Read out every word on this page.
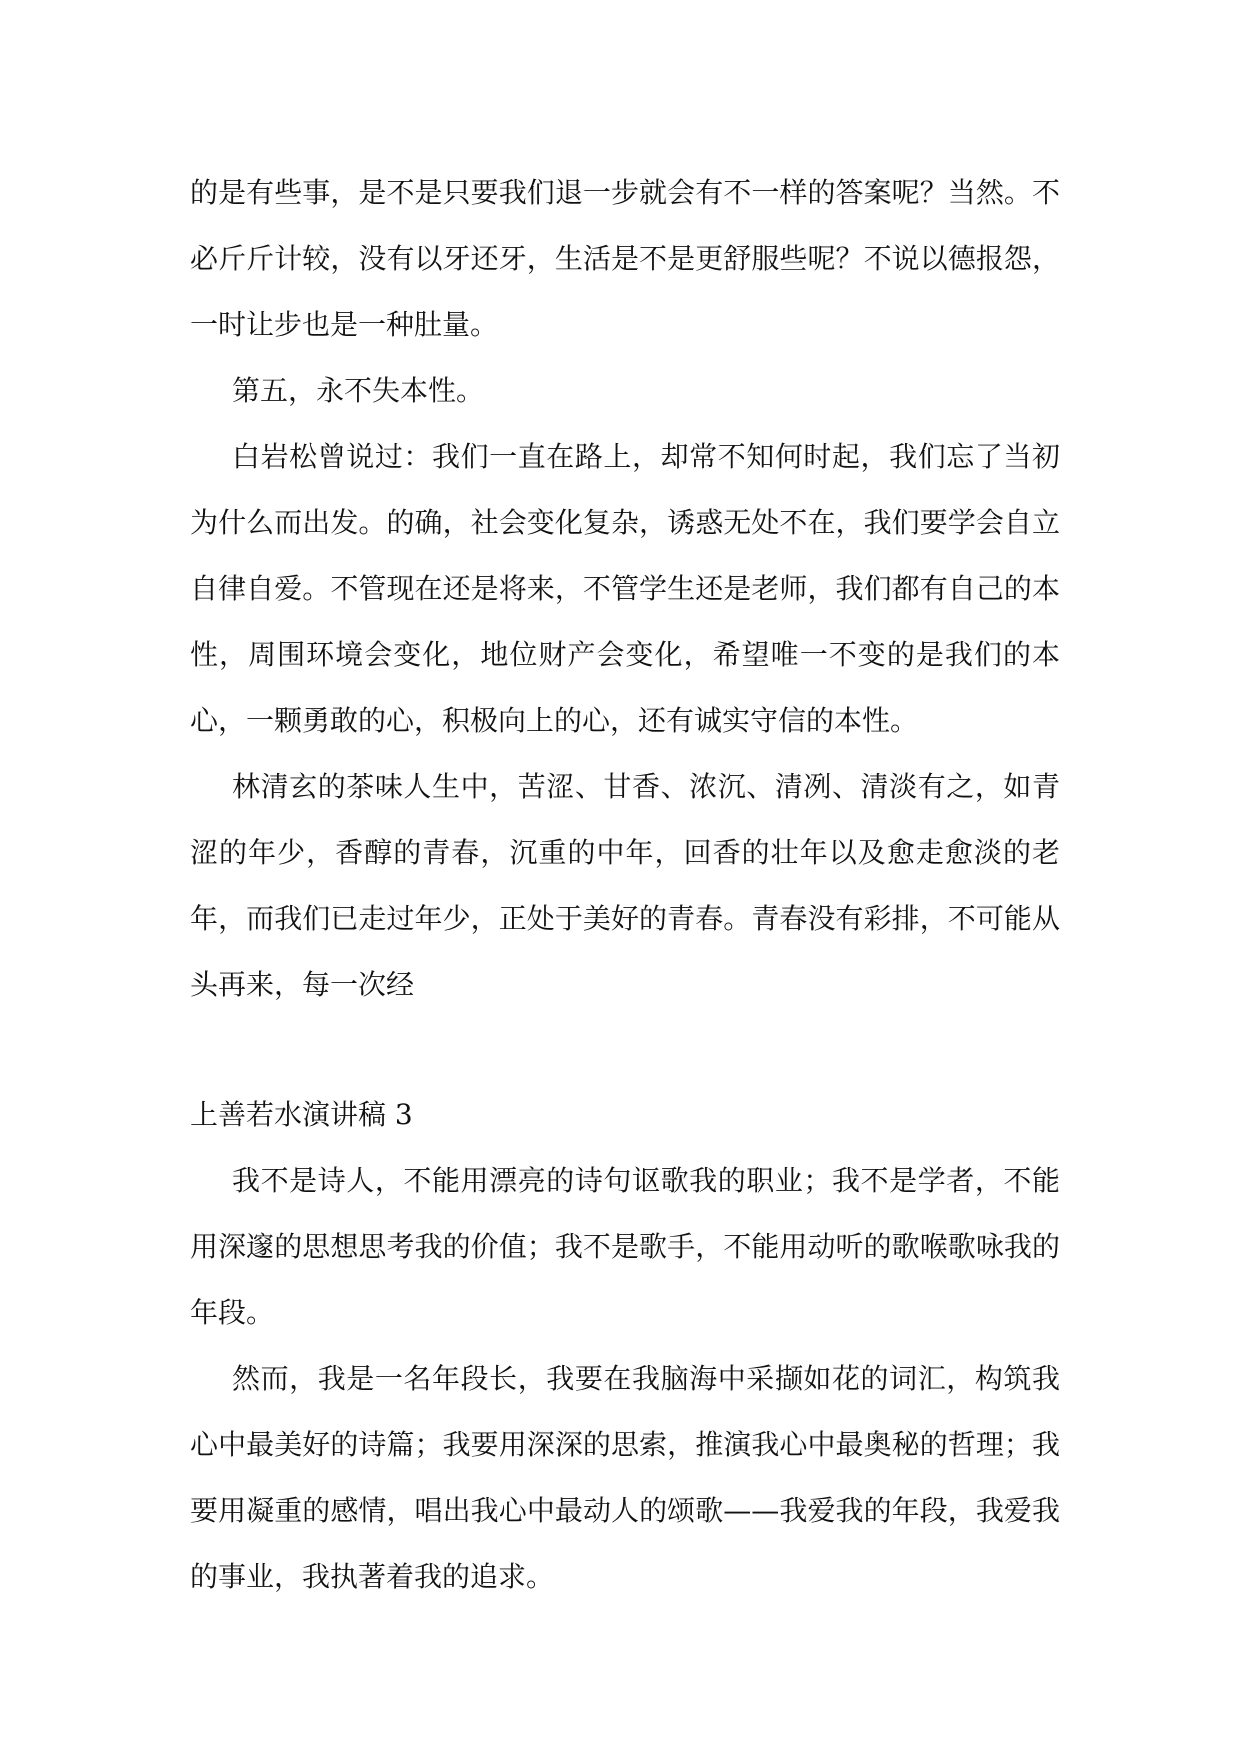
的是有些事，是不是只要我们退一步就会有不一样的答案呢？当然。不必斤斤计较，没有以牙还牙，生活是不是更舒服些呢？不说以德报怨，一时让步也是一种肚量。

第五，永不失本性。

白岩松曾说过：我们一直在路上，却常不知何时起，我们忘了当初为什么而出发。的确，社会变化复杂，诱惑无处不在，我们要学会自立自律自爱。不管现在还是将来，不管学生还是老师，我们都有自己的本性，周围环境会变化，地位财产会变化，希望唯一不变的是我们的本心，一颗勇敢的心，积极向上的心，还有诚实守信的本性。

林清玄的茶味人生中，苦涩、甘香、浓沉、清冽、清淡有之，如青涩的年少，香醇的青春，沉重的中年，回香的壮年以及愈走愈淡的老年，而我们已走过年少，正处于美好的青春。青春没有彩排，不可能从头再来，每一次经

上善若水演讲稿 3

我不是诗人，不能用漂亮的诗句讴歌我的职业；我不是学者，不能用深邃的思想思考我的价值；我不是歌手，不能用动听的歌喉歌咏我的年段。

然而，我是一名年段长，我要在我脑海中采撷如花的词汇，构筑我心中最美好的诗篇；我要用深深的思索，推演我心中最奥秘的哲理；我要用凝重的感情，唱出我心中最动人的颂歌——我爱我的年段，我爱我的事业，我执著着我的追求。
